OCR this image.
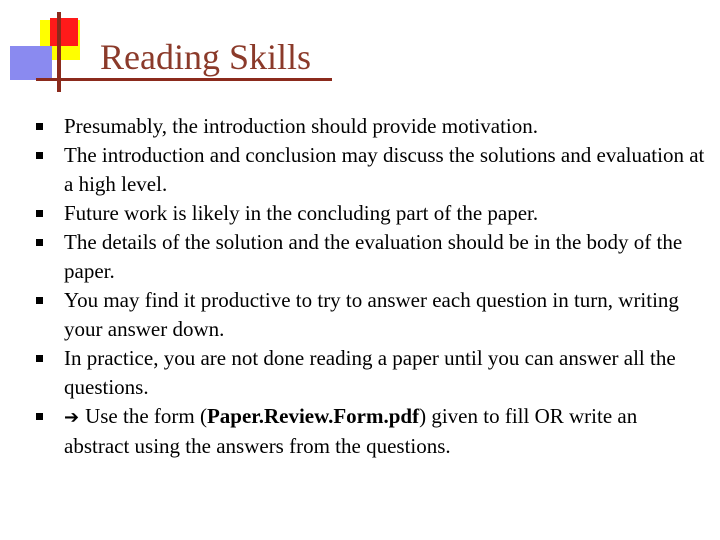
Reading Skills
Presumably, the introduction should provide motivation.
The introduction and conclusion may discuss the solutions and evaluation at a high level.
Future work is likely in the concluding part of the paper.
The details of the solution and the evaluation should be in the body of the paper.
You may find it productive to try to answer each question in turn, writing your answer down.
In practice, you are not done reading a paper until you can answer all the questions.
➔ Use the form (Paper.Review.Form.pdf) given to fill OR write an abstract using the answers from the questions.
